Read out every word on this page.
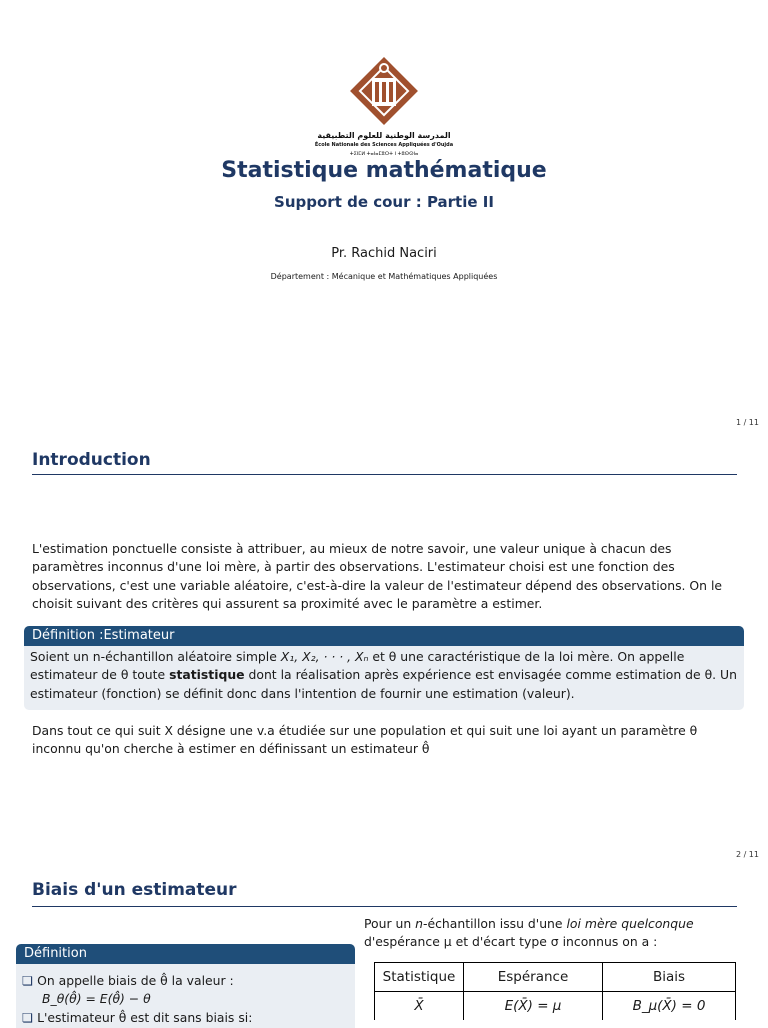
المدرسة الوطنية للعلوم التطبيقية
École Nationale des Sciences Appliquées d'Oujda
ⵜⵉⵏⵎⵍ ⵜⴰⵏⴰⵎⵓⵔⵜ ⵏ ⵜⵓⵙⵙⵏⴰ
Statistique mathématique
Support de cour : Partie II
Pr. Rachid Naciri
Département : Mécanique et Mathématiques Appliquées
1 / 11
Introduction
L'estimation ponctuelle consiste à attribuer, au mieux de notre savoir, une valeur unique à chacun des paramètres inconnus d'une loi mère, à partir des observations. L'estimateur choisi est une fonction des observations, c'est une variable aléatoire, c'est-à-dire la valeur de l'estimateur dépend des observations. On le choisit suivant des critères qui assurent sa proximité avec le paramètre a estimer.
Définition :Estimateur
Soient un n-échantillon aléatoire simple X₁, X₂, · · · , Xₙ et θ une caractéristique de la loi mère. On appelle estimateur de θ toute statistique dont la réalisation après expérience est envisagée comme estimation de θ. Un estimateur (fonction) se définit donc dans l'intention de fournir une estimation (valeur).
Dans tout ce qui suit X désigne une v.a étudiée sur une population et qui suit une loi ayant un paramètre θ inconnu qu'on cherche à estimer en définissant un estimateur θ̂
2 / 11
Biais d'un estimateur
Définition
❏ On appelle biais de θ̂ la valeur :
B_θ(θ̂) = E(θ̂) − θ
❏ L'estimateur θ̂ est dit sans biais si:
Pour un n-échantillon issu d'une loi mère quelconque
d'espérance μ et d'écart type σ inconnus on a :
Statistique	Espérance	Biais
X̄	E(X̄) = μ	B_μ(X̄) = 0
